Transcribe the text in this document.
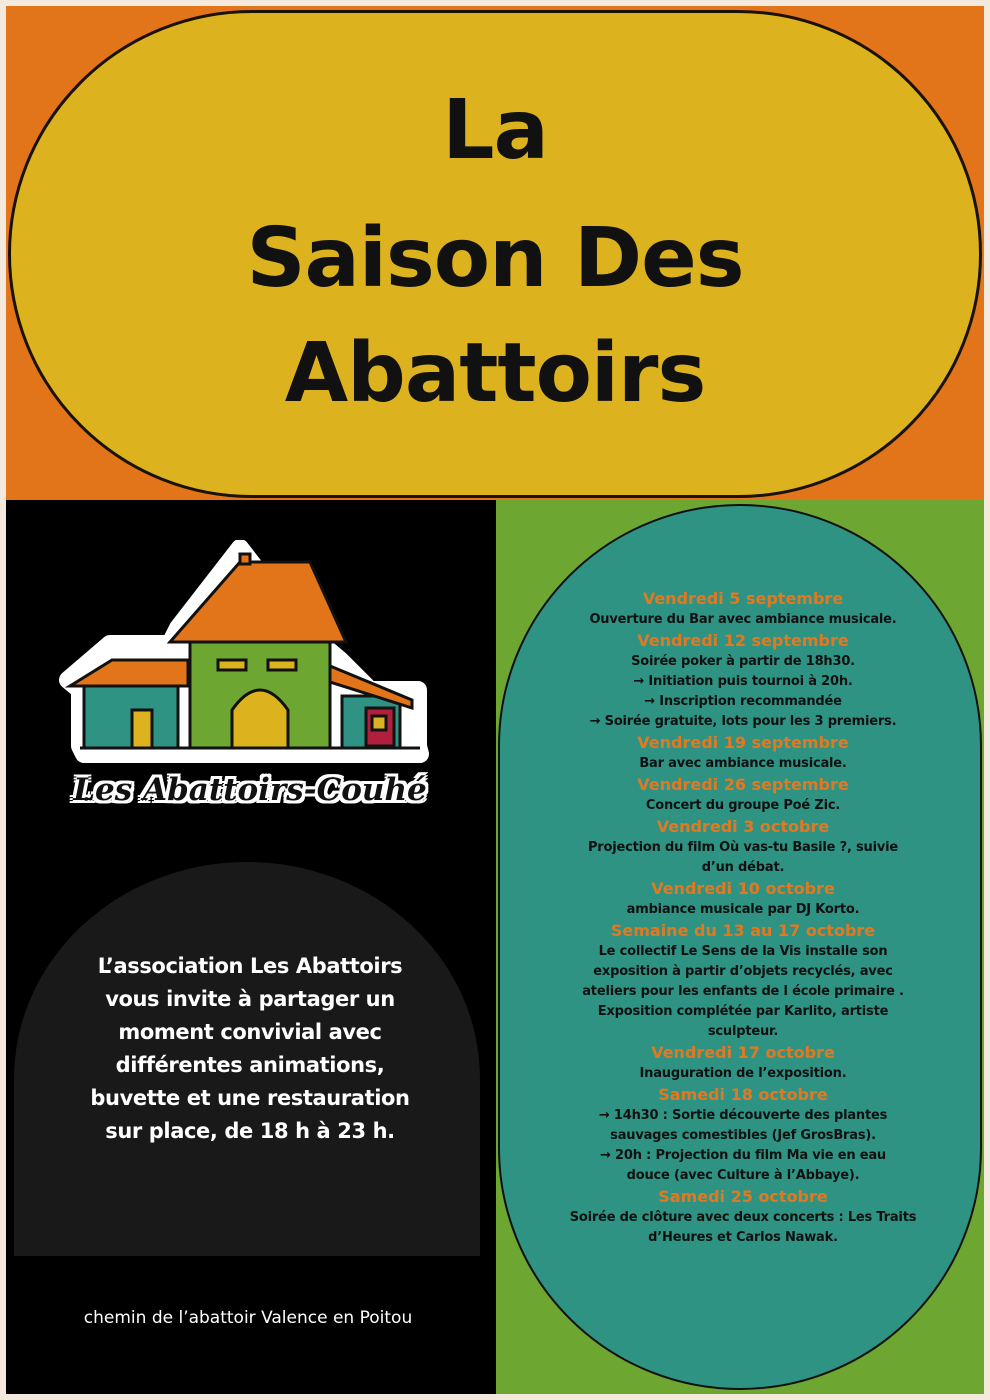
La
Saison Des
Abattoirs
Les Abattoirs-Couhé
L’association Les Abattoirs vous invite à partager un moment convivial avec différentes animations, buvette et une restauration sur place, de 18 h à 23 h.
chemin de l’abattoir Valence en Poitou
Vendredi 5 septembre
Ouverture du Bar avec ambiance musicale.
Vendredi 12 septembre
Soirée poker à partir de 18h30.
→ Initiation puis tournoi à 20h.
→ Inscription recommandée
→ Soirée gratuite, lots pour les 3 premiers.
Vendredi 19 septembre
Bar avec ambiance musicale.
Vendredi 26 septembre
Concert du groupe Poé Zic.
Vendredi 3 octobre
Projection du film Où vas-tu Basile ?, suivie
d’un débat.
Vendredi 10 octobre
ambiance musicale par DJ Korto.
Semaine du 13 au 17 octobre
Le collectif Le Sens de la Vis installe son
exposition à partir d’objets recyclés, avec
ateliers pour les enfants de l école primaire .
Exposition complétée par Karlito, artiste
sculpteur.
Vendredi 17 octobre
Inauguration de l’exposition.
Samedi 18 octobre
→ 14h30 : Sortie découverte des plantes
sauvages comestibles (Jef GrosBras).
→ 20h : Projection du film Ma vie en eau
douce (avec Culture à l’Abbaye).
Samedi 25 octobre
Soirée de clôture avec deux concerts : Les Traits
d’Heures et Carlos Nawak.
